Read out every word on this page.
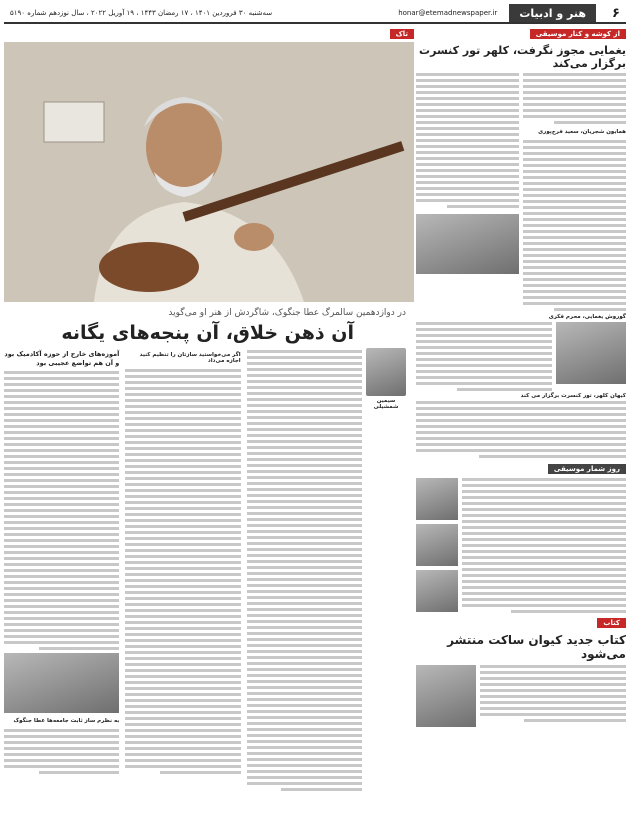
۶
هنر و ادبیات
honar@etemadnewspaper.ir
سه‌شنبه ۳۰ فروردین ۱۴۰۱ ، ۱۷ رمضان ۱۴۴۳ ، ۱۹ آوریل ۲۰۲۲ ، سال نوزدهم شماره ۵۱۹۰
از کوشه و کنار موسیقی
یغمایی مجوز نگرفت، کلهر تور کنسرت برگزار می‌کند
همایون شجریان، سعید فرج‌پوری
گوروش یغمایی، محرم فکری
کیهان کلهر، تور کنسرت برگزار می کند
روز شمار موسیقی
کتاب
کتاب جدید کیوان ساکت منتشر می‌شود
تاک
در دوازدهمین سالمرگ عطا جنگوک، شاگردش از هنر او می‌گوید
آن ذهن خلاق، آن پنجه‌های یگانه
سیمین شمشیلی
اگر می‌خواستید سازتان را تنظیم کنید اجازه می‌داد
آموزه‌های خارج از حوزه‌ آکادمیک بود و آن هم تواضع عجیبی بود
به نظرم ساز ثابت جامعه‌ها عطا جنگوک
